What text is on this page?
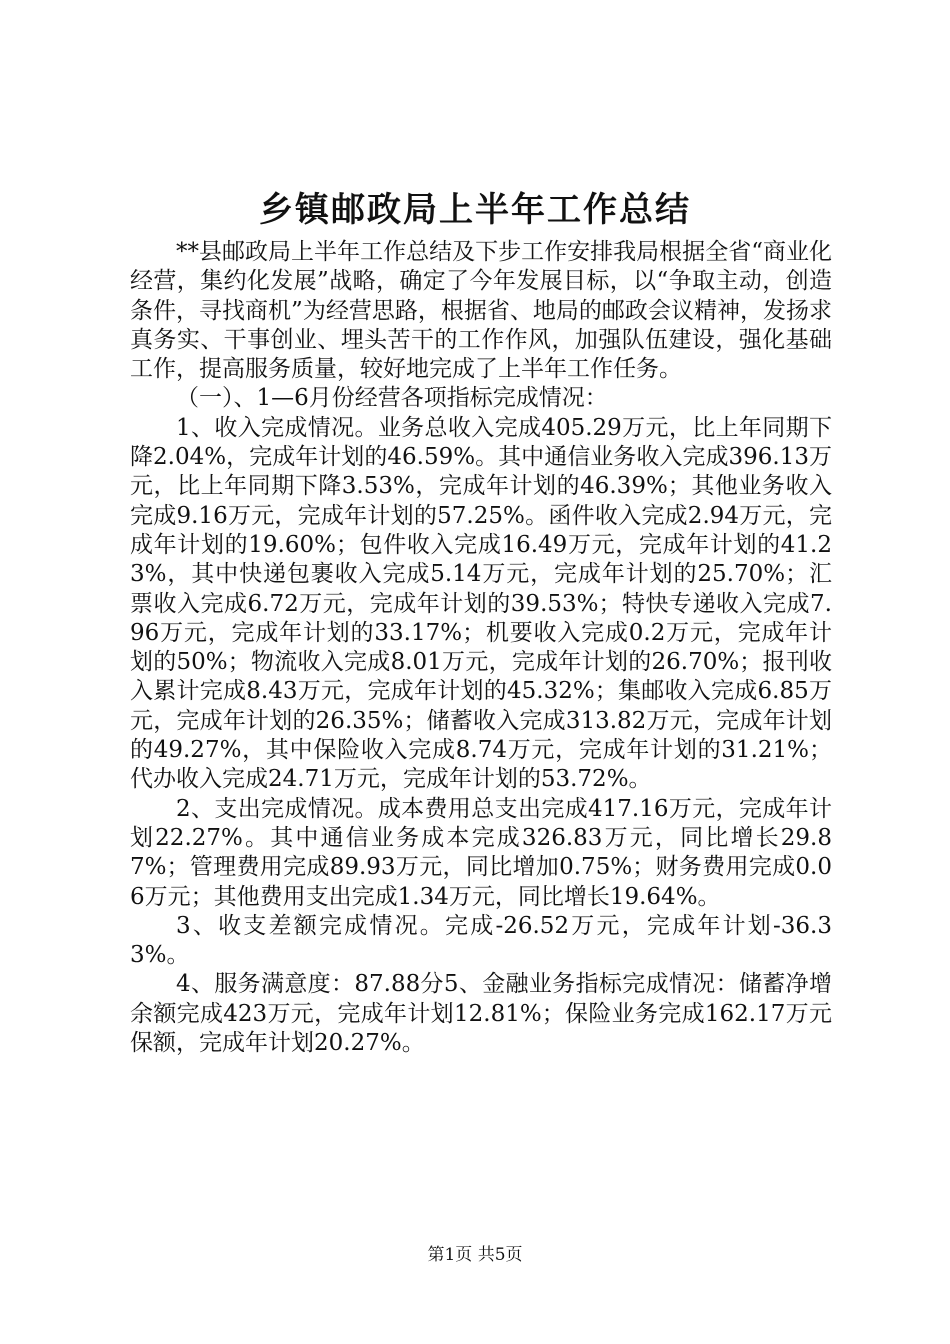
乡镇邮政局上半年工作总结

**县邮政局上半年工作总结及下步工作安排我局根据全省“商业化经营，集约化发展”战略，确定了今年发展目标，以“争取主动，创造条件，寻找商机”为经营思路，根据省、地局的邮政会议精神，发扬求真务实、干事创业、埋头苦干的工作作风，加强队伍建设，强化基础工作，提高服务质量，较好地完成了上半年工作任务。

（一）、1—6月份经营各项指标完成情况：

1、收入完成情况。业务总收入完成405.29万元，比上年同期下降2.04%，完成年计划的46.59%。其中通信业务收入完成396.13万元，比上年同期下降3.53%，完成年计划的46.39%；其他业务收入完成9.16万元，完成年计划的57.25%。函件收入完成2.94万元，完成年计划的19.60%；包件收入完成16.49万元，完成年计划的41.23%，其中快递包裹收入完成5.14万元，完成年计划的25.70%；汇票收入完成6.72万元，完成年计划的39.53%；特快专递收入完成7.96万元，完成年计划的33.17%；机要收入完成0.2万元，完成年计划的50%；物流收入完成8.01万元，完成年计划的26.70%；报刊收入累计完成8.43万元，完成年计划的45.32%；集邮收入完成6.85万元，完成年计划的26.35%；储蓄收入完成313.82万元，完成年计划的49.27%，其中保险收入完成8.74万元，完成年计划的31.21%；代办收入完成24.71万元，完成年计划的53.72%。

2、支出完成情况。成本费用总支出完成417.16万元，完成年计划22.27%。其中通信业务成本完成326.83万元，同比增长29.87%；管理费用完成89.93万元，同比增加0.75%；财务费用完成0.06万元；其他费用支出完成1.34万元，同比增长19.64%。

3、收支差额完成情况。完成-26.52万元，完成年计划-36.33%。

4、服务满意度：87.88分5、金融业务指标完成情况：储蓄净增余额完成423万元，完成年计划12.81%；保险业务完成162.17万元保额，完成年计划20.27%。

第1页 共5页
